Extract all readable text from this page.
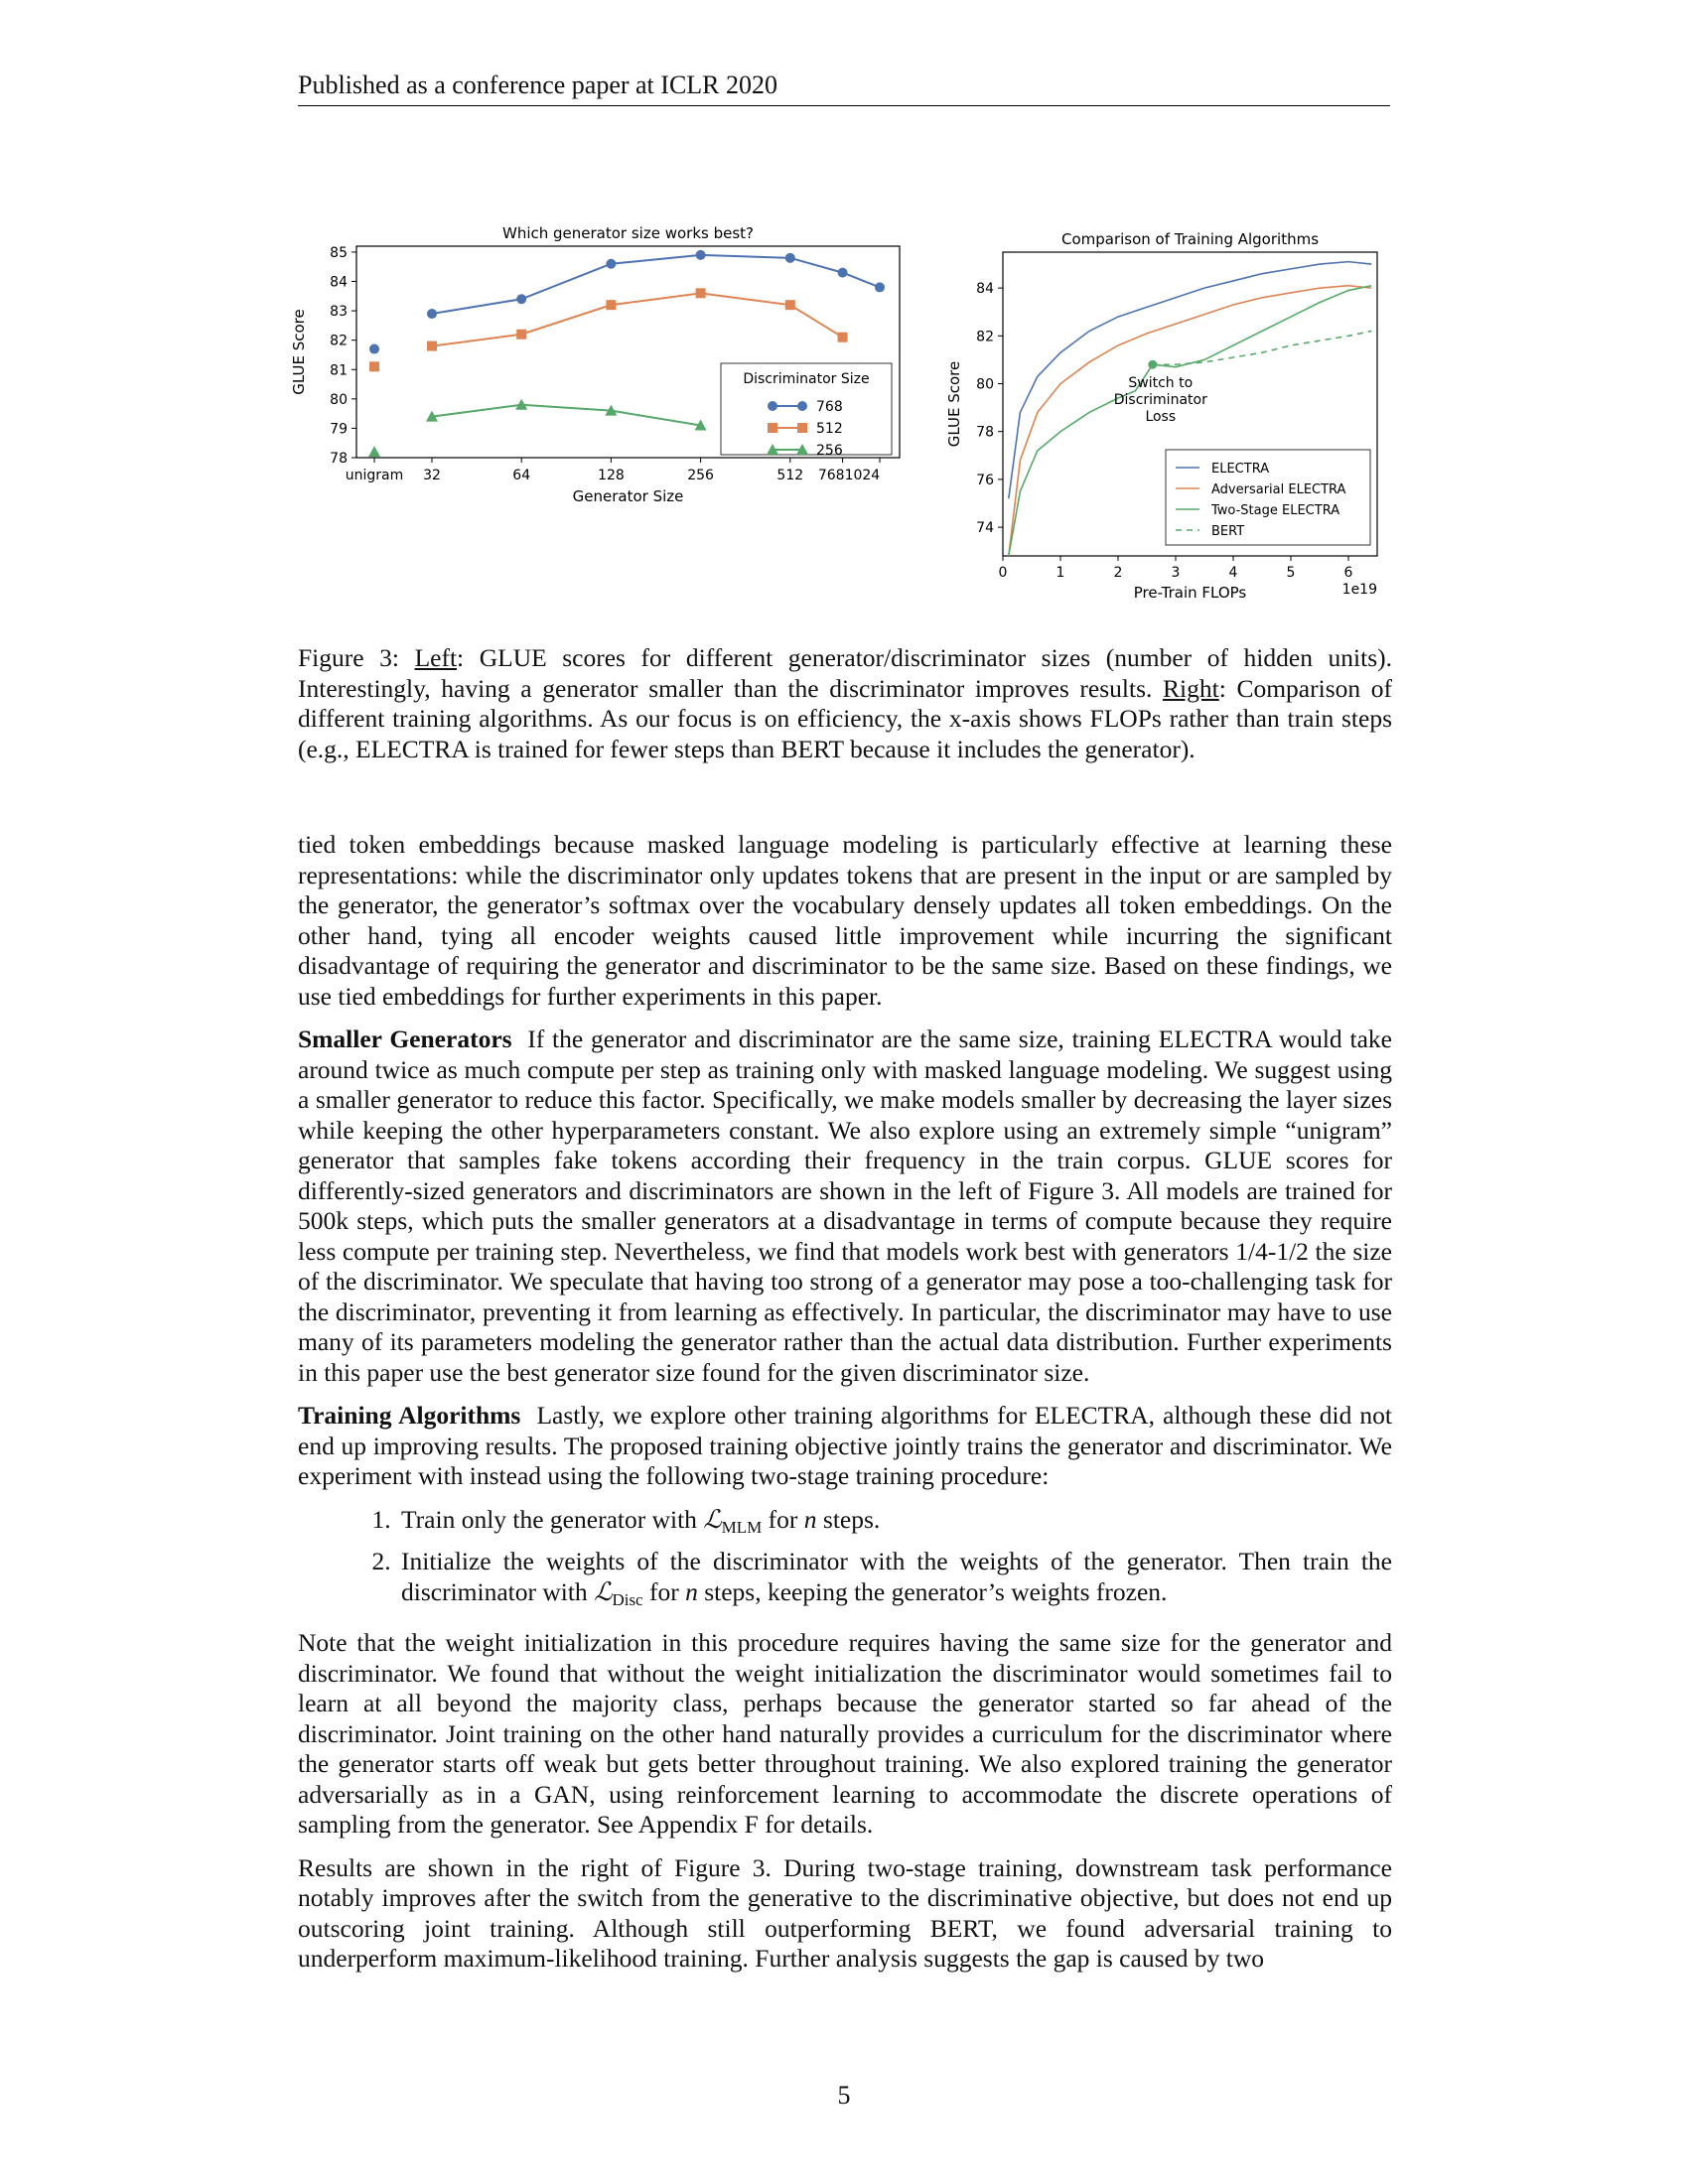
Published as a conference paper at ICLR 2020
Which generator size works best?
GLUE Score
Generator Size
78
79
80
81
82
83
84
85
unigram 32	64	128	256	512 768 1024
Discriminator Size
768
512
256
Comparison of Training Algorithms
GLUE Score
Pre-Train FLOPs	1e19
74
76
78
80
82
84
0	1	2	3	4	5	6
Switch to
Discriminator
Loss
ELECTRA
Adversarial ELECTRA
Two-Stage ELECTRA
BERT
Figure 3: Left: GLUE scores for different generator/discriminator sizes (number of hidden units). Interestingly, having a generator smaller than the discriminator improves results. Right: Comparison of different training algorithms. As our focus is on efficiency, the x-axis shows FLOPs rather than train steps (e.g., ELECTRA is trained for fewer steps than BERT because it includes the generator).

tied token embeddings because masked language modeling is particularly effective at learning these representations: while the discriminator only updates tokens that are present in the input or are sampled by the generator, the generator’s softmax over the vocabulary densely updates all token embeddings. On the other hand, tying all encoder weights caused little improvement while incurring the significant disadvantage of requiring the generator and discriminator to be the same size. Based on these findings, we use tied embeddings for further experiments in this paper.

Smaller Generators If the generator and discriminator are the same size, training ELECTRA would take around twice as much compute per step as training only with masked language modeling. We suggest using a smaller generator to reduce this factor. Specifically, we make models smaller by decreasing the layer sizes while keeping the other hyperparameters constant. We also explore using an extremely simple “unigram” generator that samples fake tokens according their frequency in the train corpus. GLUE scores for differently-sized generators and discriminators are shown in the left of Figure 3. All models are trained for 500k steps, which puts the smaller generators at a disadvantage in terms of compute because they require less compute per training step. Nevertheless, we find that models work best with generators 1/4-1/2 the size of the discriminator. We speculate that having too strong of a generator may pose a too-challenging task for the discriminator, preventing it from learning as effectively. In particular, the discriminator may have to use many of its parameters modeling the generator rather than the actual data distribution. Further experiments in this paper use the best generator size found for the given discriminator size.

Training Algorithms Lastly, we explore other training algorithms for ELECTRA, although these did not end up improving results. The proposed training objective jointly trains the generator and discriminator. We experiment with instead using the following two-stage training procedure:

1. Train only the generator with ℒ$_{MLM}$ for n steps.
2. Initialize the weights of the discriminator with the weights of the generator. Then train the discriminator with ℒ$_{Disc}$ for n steps, keeping the generator’s weights frozen.

Note that the weight initialization in this procedure requires having the same size for the generator and discriminator. We found that without the weight initialization the discriminator would sometimes fail to learn at all beyond the majority class, perhaps because the generator started so far ahead of the discriminator. Joint training on the other hand naturally provides a curriculum for the discriminator where the generator starts off weak but gets better throughout training. We also explored training the generator adversarially as in a GAN, using reinforcement learning to accommodate the discrete operations of sampling from the generator. See Appendix F for details.

Results are shown in the right of Figure 3. During two-stage training, downstream task performance notably improves after the switch from the generative to the discriminative objective, but does not end up outscoring joint training. Although still outperforming BERT, we found adversarial training to underperform maximum-likelihood training. Further analysis suggests the gap is caused by two

5
